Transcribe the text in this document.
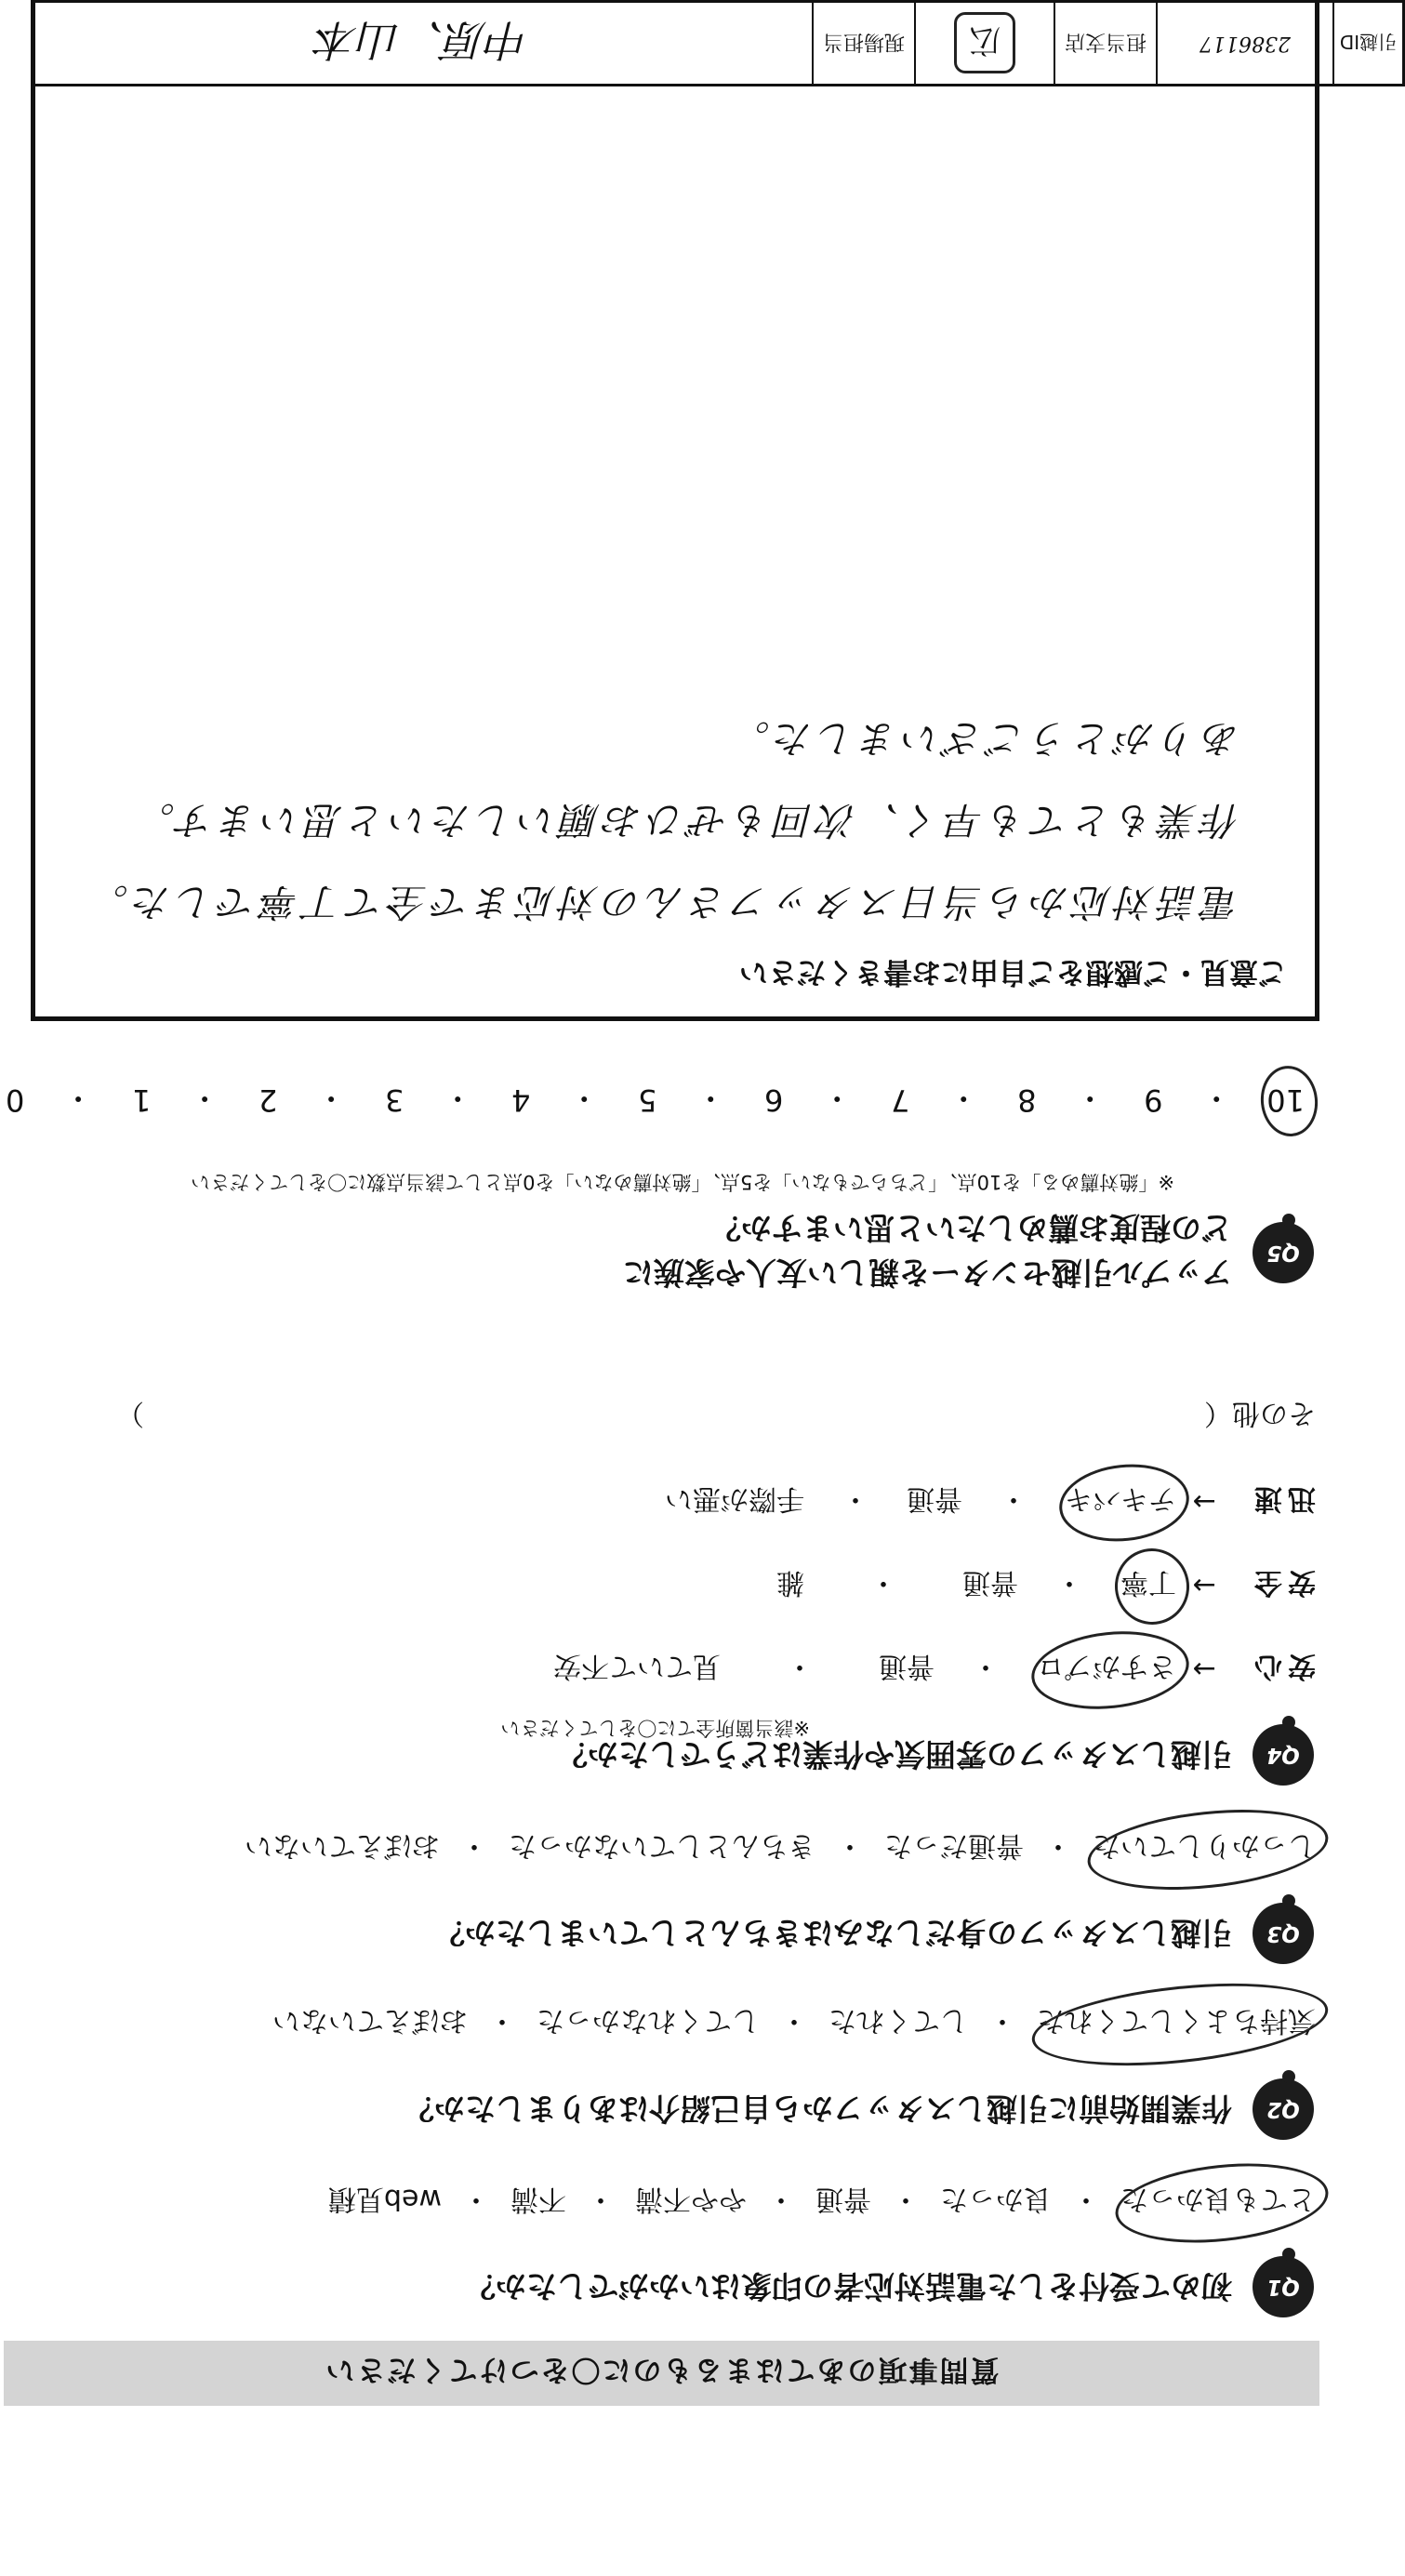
質問事項のあてはまるものに〇をつけてください
Q1
初めて受付をした電話対応者の印象はいかがでしたか？
とても良かった
・
良かった
・
普通
・
やや不満
・
不満
・
web見積
Q2
作業開始前に引越しスタッフから自己紹介はありましたか？
気持ちよくしてくれた
・
してくれた
・
してくれなかった
・
おぼえていない
Q3
引越しスタッフの身だしなみはきちんとしていましたか？
しっかりしていた
・
普通だった
・
きちんとしていなかった
・
おぼえていない
Q4
引越しスタッフの雰囲気や作業はどうでしたか？
※該当箇所全てに〇をしてください
安心
→
さすがプロ
・
普通
・
見ていて不安
安全
→
丁寧
・
普通
・
雑
迅速
→
テキパキ
・
普通
・
手際が悪い
その他（
）
Q5
アップル引越センターを親しい友人や家族に
どの程度お薦めしたいと思いますか？
※「絶対薦める」を10点、「どちらでもない」を5点、「絶対薦めない」を0点として該当点数に〇をしてください
10
・
9
・
8
・
7
・
6
・
5
・
4
・
3
・
2
・
1
・
0
ご意見・ご感想をご自由にお書きください
電話対応から当日スタッフさんの対応まで全て丁寧でした。
作業もとても早く、次回もぜひお願いしたいと思います。
ありがとうございました。
引越ID
2386117
担当支店
広
現場担当
中原、山本
